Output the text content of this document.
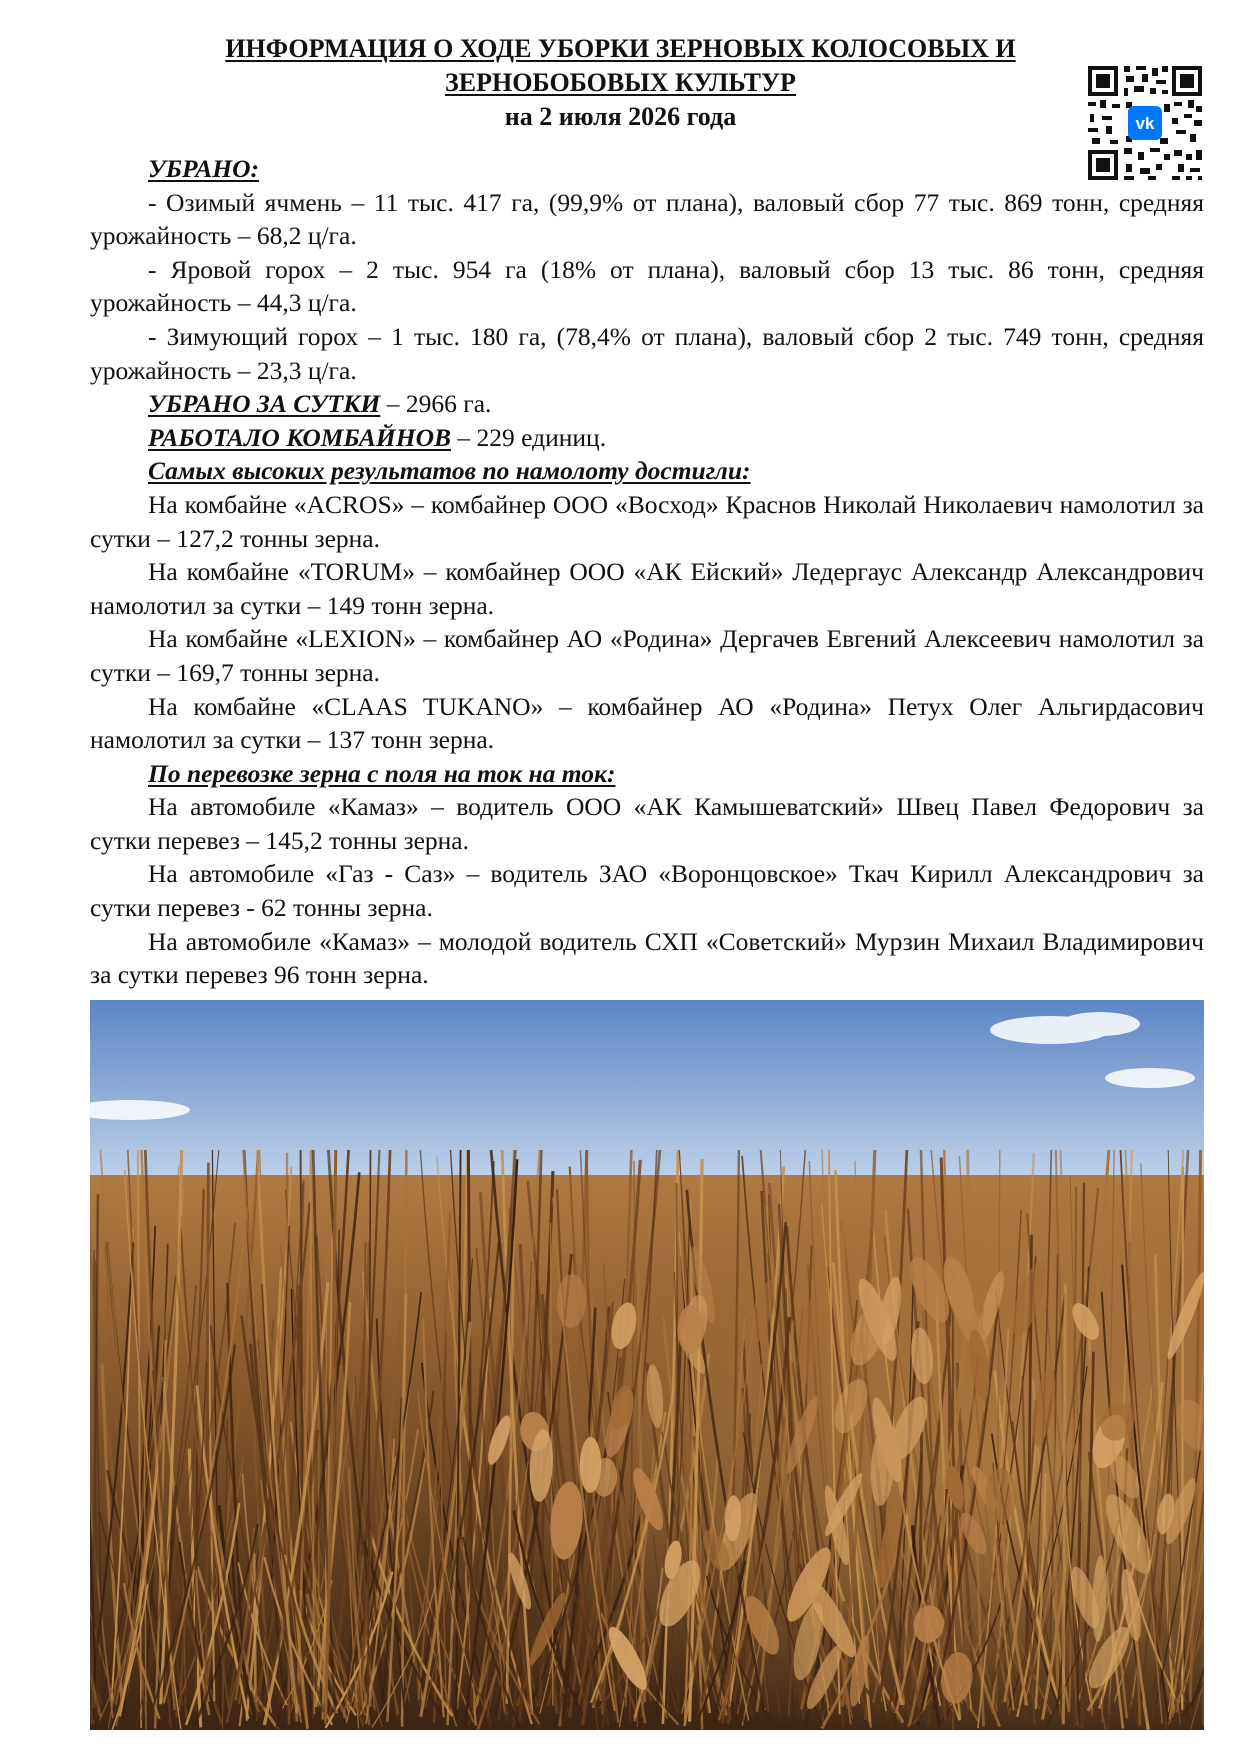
ИНФОРМАЦИЯ О ХОДЕ УБОРКИ ЗЕРНОВЫХ КОЛОСОВЫХ И
ЗЕРНОБОБОВЫХ КУЛЬТУР
на 2 июля 2026 года	vk

УБРАНО:

- Озимый ячмень – 11 тыс. 417 га, (99,9% от плана), валовый сбор 77 тыс. 869 тонн, средняя урожайность – 68,2 ц/га.

- Яровой горох – 2 тыс. 954 га (18% от плана), валовый сбор 13 тыс. 86 тонн, средняя урожайность – 44,3 ц/га.

- Зимующий горох – 1 тыс. 180 га, (78,4% от плана), валовый сбор 2 тыс. 749 тонн, средняя урожайность – 23,3 ц/га.

УБРАНО ЗА СУТКИ – 2966 га.

РАБОТАЛО КОМБАЙНОВ – 229 единиц.

Самых высоких результатов по намолоту достигли:

На комбайне «ACROS» – комбайнер ООО «Восход» Краснов Николай Николаевич намолотил за сутки – 127,2 тонны зерна.

На комбайне «TORUM» – комбайнер ООО «АК Ейский» Ледергаус Александр Александрович намолотил за сутки – 149 тонн зерна.

На комбайне «LEXION» – комбайнер АО «Родина» Дергачев Евгений Алексеевич намолотил за сутки – 169,7 тонны зерна.

На комбайне «CLAAS TUKANO» – комбайнер АО «Родина» Петух Олег Альгирдасович намолотил за сутки – 137 тонн зерна.

По перевозке зерна с поля на ток на ток:

На автомобиле «Камаз» – водитель ООО «АК Камышеватский» Швец Павел Федорович за сутки перевез – 145,2 тонны зерна.

На автомобиле «Газ - Саз» – водитель ЗАО «Воронцовское» Ткач Кирилл Александрович за сутки перевез - 62 тонны зерна.

На автомобиле «Камаз» – молодой водитель СХП «Советский» Мурзин Михаил Владимирович за сутки перевез 96 тонн зерна.
